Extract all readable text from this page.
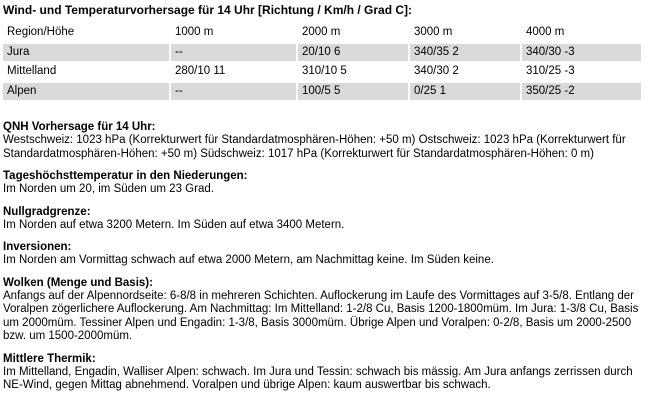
Wind- und Temperaturvorhersage für 14 Uhr [Richtung / Km/h / Grad C]:
Region/Höhe	1000 m	2000 m	3000 m	4000 m
Jura	--	20/10 6	340/35 2	340/30 -3
Mittelland	280/10 11	310/10 5	340/30 2	310/25 -3
Alpen	--	100/5 5	0/25 1	350/25 -2
QNH Vorhersage für 14 Uhr:

Westschweiz: 1023 hPa (Korrekturwert für Standardatmosphären-Höhen: +50 m) Ostschweiz: 1023 hPa (Korrekturwert für Standardatmosphären-Höhen: +50 m) Südschweiz: 1017 hPa (Korrekturwert für Standardatmosphären-Höhen: 0 m)

Tageshöchsttemperatur in den Niederungen:

Im Norden um 20, im Süden um 23 Grad.

Nullgradgrenze:

Im Norden auf etwa 3200 Metern. Im Süden auf etwa 3400 Metern.

Inversionen:

Im Norden am Vormittag schwach auf etwa 2000 Metern, am Nachmittag keine. Im Süden keine.

Wolken (Menge und Basis):

Anfangs auf der Alpennordseite: 6-8/8 in mehreren Schichten. Auflockerung im Laufe des Vormittages auf 3-5/8. Entlang der Voralpen zögerlichere Auflockerung. Am Nachmittag: Im Mittelland: 1-2/8 Cu, Basis 1200-1800müm. Im Jura: 1-3/8 Cu, Basis um 2000müm. Tessiner Alpen und Engadin: 1-3/8, Basis 3000müm. Übrige Alpen und Voralpen: 0-2/8, Basis um 2000-2500 bzw. um 1500-2000müm.

Mittlere Thermik:

Im Mittelland, Engadin, Walliser Alpen: schwach. Im Jura und Tessin: schwach bis mässig. Am Jura anfangs zerrissen durch NE-Wind, gegen Mittag abnehmend. Voralpen und übrige Alpen: kaum auswertbar bis schwach.
